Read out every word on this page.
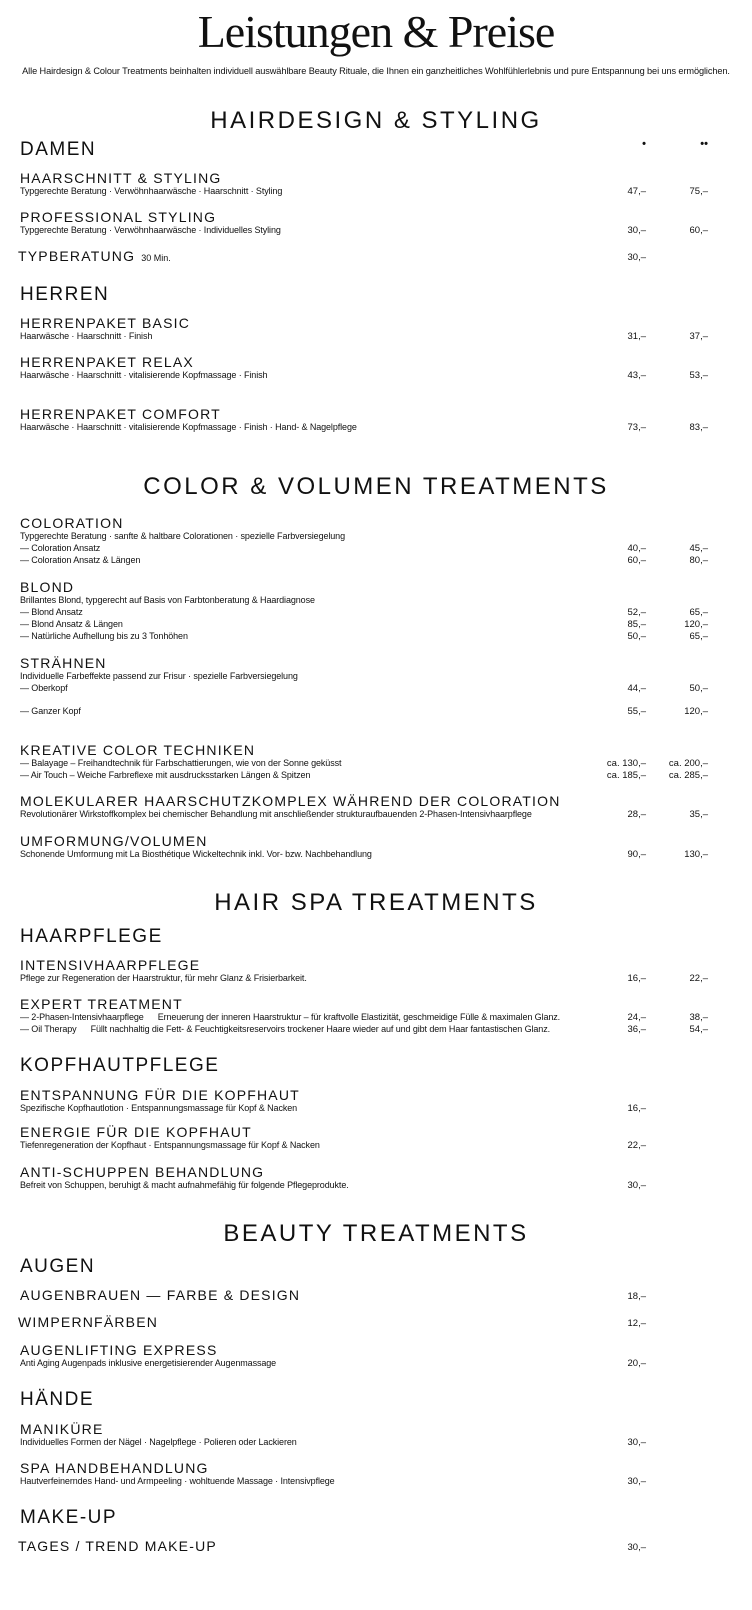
Leistungen & Preise
Alle Hairdesign & Colour Treatments beinhalten individuell auswählbare Beauty Rituale, die Ihnen ein ganzheitliches Wohlfühlerlebnis und pure Entspannung bei uns ermöglichen.
HAIRDESIGN & STYLING
DAMEN	•	••
HAARSCHNITT & STYLING
Typgerechte Beratung · Verwöhnhaarwäsche · Haarschnitt · Styling	47,–	75,–
PROFESSIONAL STYLING
Typgerechte Beratung · Verwöhnhaarwäsche · Individuelles Styling	30,–	60,–
TYPBERATUNG 30 Min.	30,–
HERREN
HERRENPAKET BASIC
Haarwäsche · Haarschnitt · Finish	31,–	37,–
HERRENPAKET RELAX
Haarwäsche · Haarschnitt · vitalisierende Kopfmassage · Finish	43,–	53,–
HERRENPAKET COMFORT
Haarwäsche · Haarschnitt · vitalisierende Kopfmassage · Finish · Hand- & Nagelpflege	73,–	83,–
COLOR & VOLUMEN TREATMENTS
COLORATION
Typgerechte Beratung · sanfte & haltbare Colorationen · spezielle Farbversiegelung
— Coloration Ansatz	40,–	45,–
— Coloration Ansatz & Längen	60,–	80,–
BLOND
Brillantes Blond, typgerecht auf Basis von Farbtonberatung & Haardiagnose
— Blond Ansatz	52,–	65,–
— Blond Ansatz & Längen	85,–	120,–
— Natürliche Aufhellung bis zu 3 Tonhöhen	50,–	65,–
STRÄHNEN
Individuelle Farbeffekte passend zur Frisur · spezielle Farbversiegelung
— Oberkopf	44,–	50,–
— Ganzer Kopf	55,–	120,–
KREATIVE COLOR TECHNIKEN
— Balayage – Freihandtechnik für Farbschattierungen, wie von der Sonne geküsst	ca. 130,– ca. 200,–
— Air Touch – Weiche Farbreflexe mit ausdrucksstarken Längen & Spitzen	ca. 185,– ca. 285,–
MOLEKULARER HAARSCHUTZKOMPLEX WÄHREND DER COLORATION
Revolutionärer Wirkstoffkomplex bei chemischer Behandlung mit anschließender strukturaufbauenden 2-Phasen-Intensivhaarpflege	28,–	35,–
UMFORMUNG/VOLUMEN
Schonende Umformung mit La Biosthétique Wickeltechnik inkl. Vor- bzw. Nachbehandlung	90,–	130,–
HAIR SPA TREATMENTS
HAARPFLEGE
INTENSIVHAARPFLEGE
Pflege zur Regeneration der Haarstruktur, für mehr Glanz & Frisierbarkeit.	16,–	22,–
EXPERT TREATMENT
— 2-Phasen-Intensivhaarpflege Erneuerung der inneren Haarstruktur – für kraftvolle Elastizität, geschmeidige Fülle & maximalen Glanz.	24,–	38,–
— Oil Therapy Füllt nachhaltig die Fett- & Feuchtigkeitsreservoirs trockener Haare wieder auf und gibt dem Haar fantastischen Glanz.	36,–	54,–
KOPFHAUTPFLEGE
ENTSPANNUNG FÜR DIE KOPFHAUT
Spezifische Kopfhautlotion · Entspannungsmassage für Kopf & Nacken	16,–
ENERGIE FÜR DIE KOPFHAUT
Tiefenregeneration der Kopfhaut · Entspannungsmassage für Kopf & Nacken	22,–
ANTI-SCHUPPEN BEHANDLUNG
Befreit von Schuppen, beruhigt & macht aufnahmefähig für folgende Pflegeprodukte.	30,–
BEAUTY TREATMENTS
AUGEN
AUGENBRAUEN — FARBE & DESIGN	18,–
WIMPERNFÄRBEN	12,–
AUGENLIFTING EXPRESS
Anti Aging Augenpads inklusive energetisierender Augenmassage	20,–
HÄNDE
MANIKÜRE
Individuelles Formen der Nägel · Nagelpflege · Polieren oder Lackieren	30,–
SPA HANDBEHANDLUNG
Hautverfeinerndes Hand- und Armpeeling · wohltuende Massage · Intensivpflege	30,–
MAKE-UP
TAGES / TREND MAKE-UP	30,–
